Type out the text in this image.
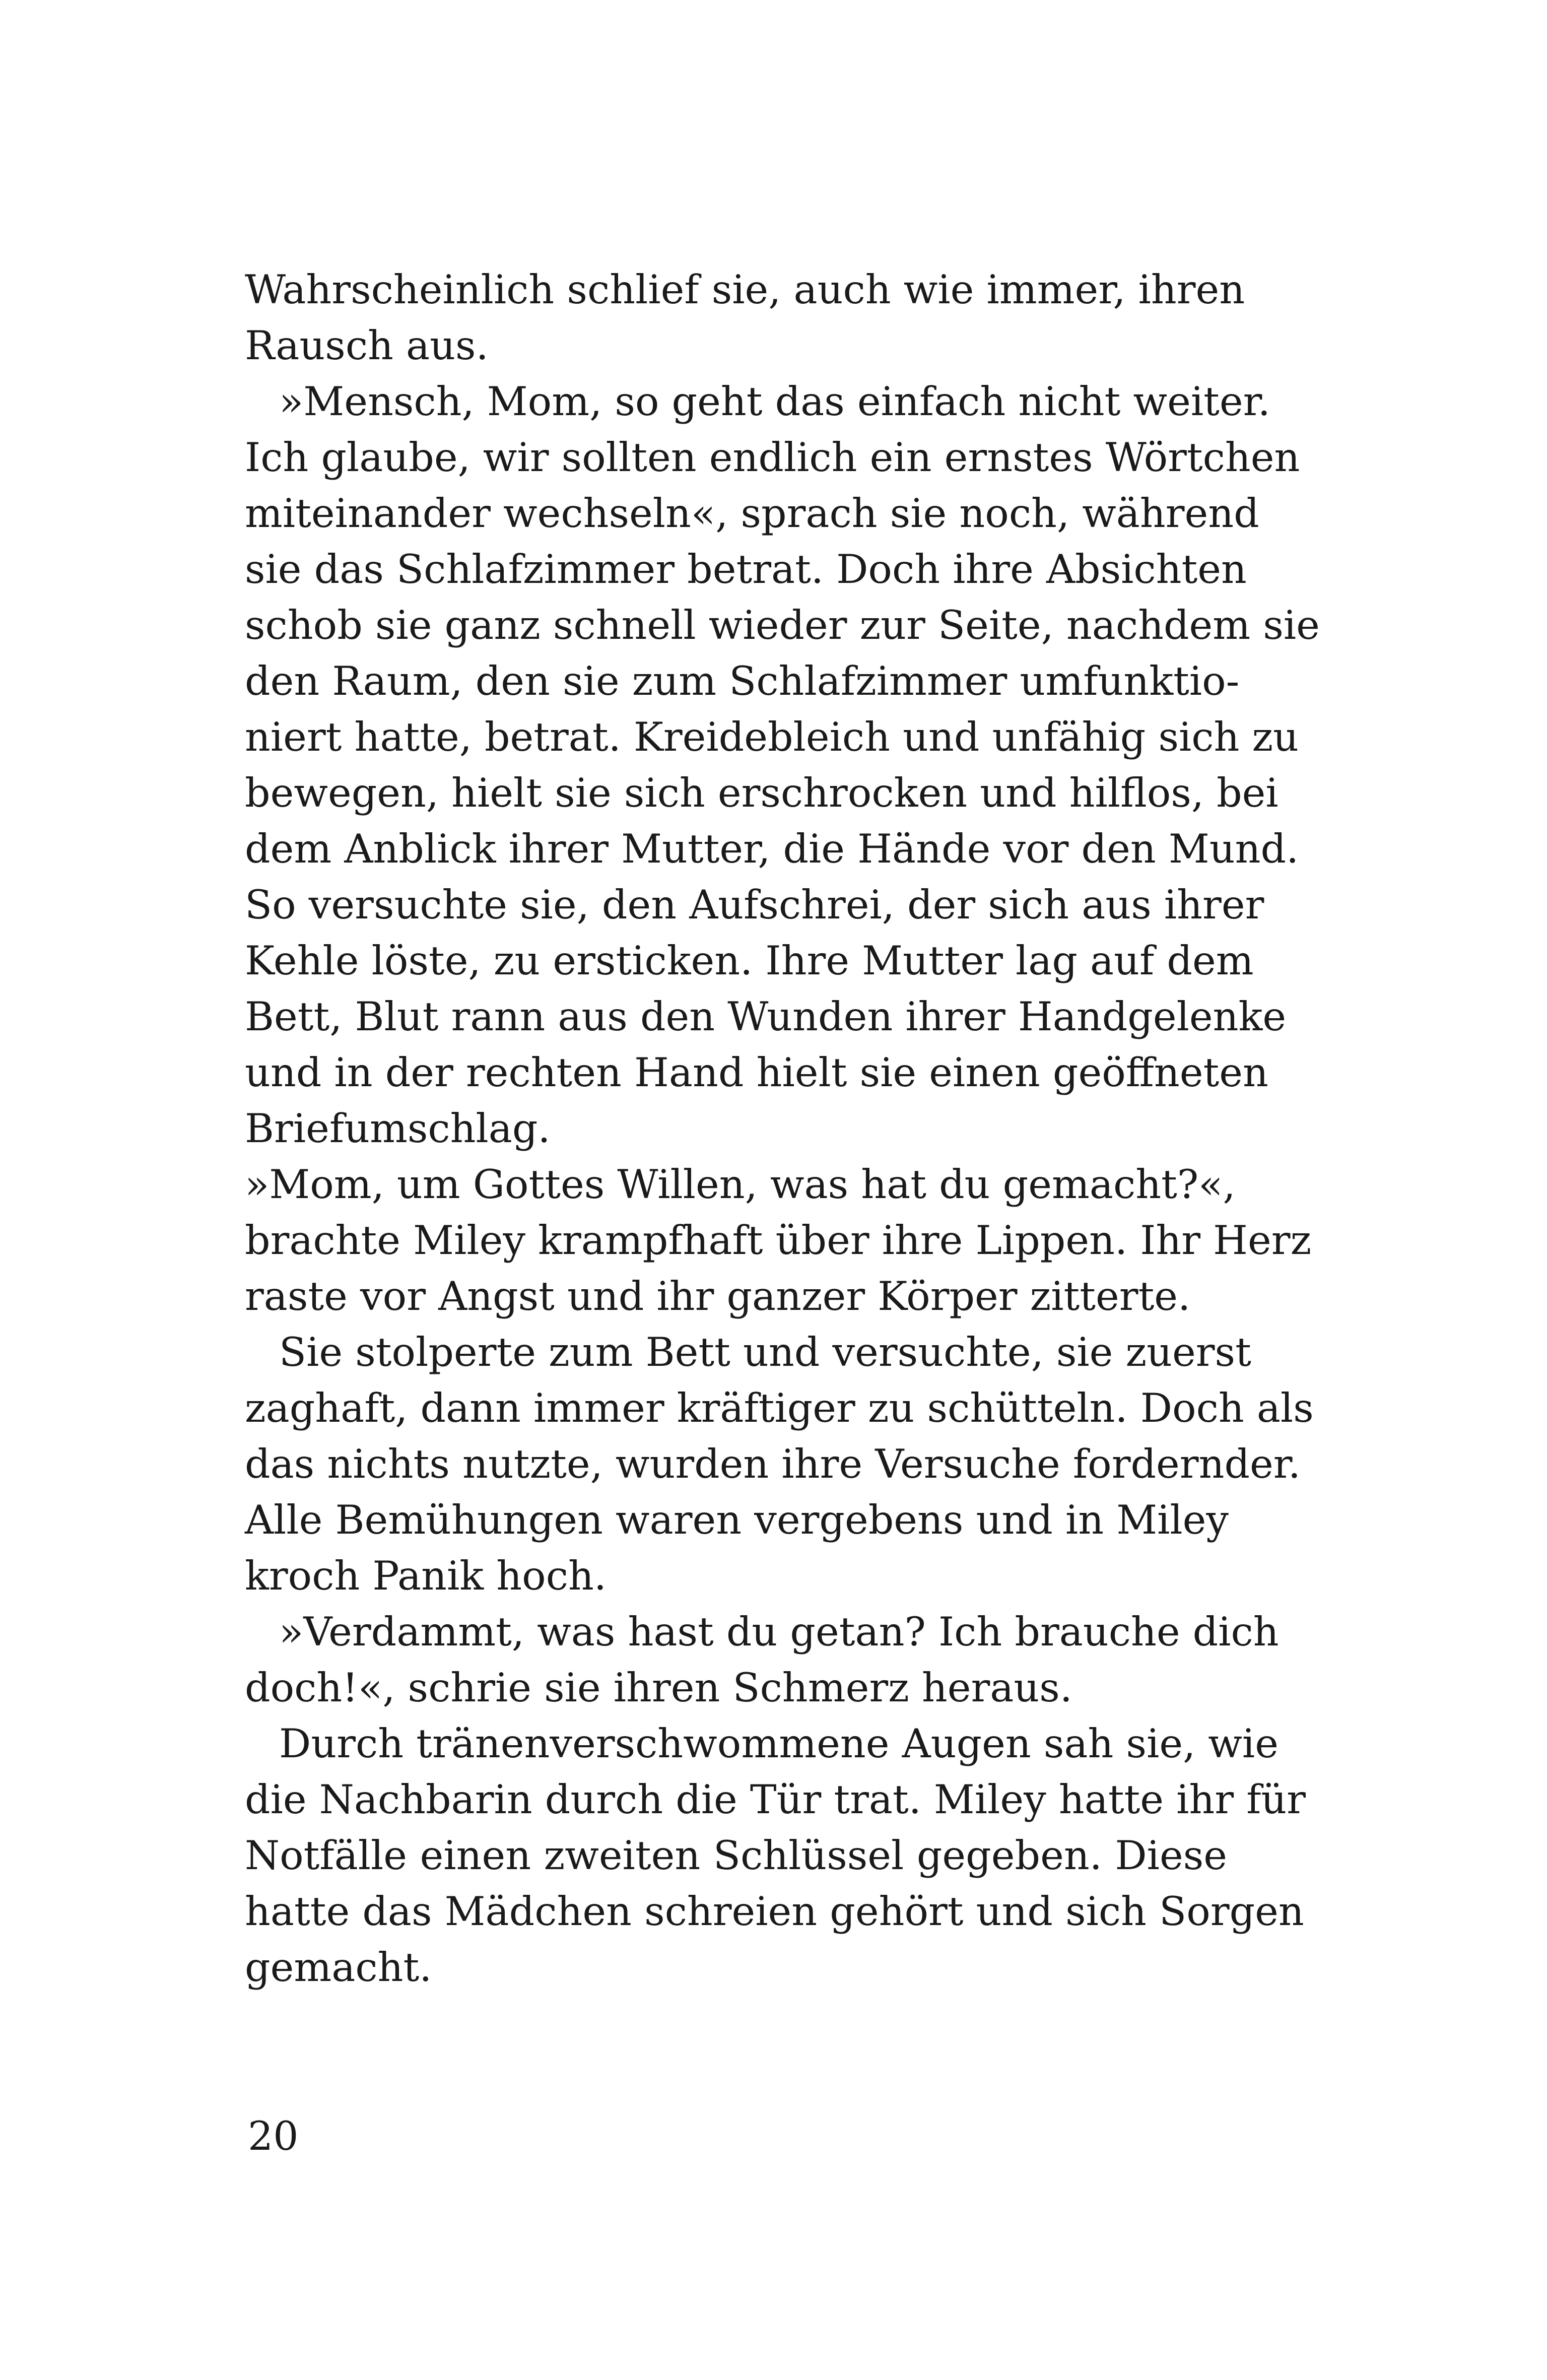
Wahrscheinlich schlief sie, auch wie immer, ihren
Rausch aus.
»Mensch, Mom, so geht das einfach nicht weiter.
Ich glaube, wir sollten endlich ein ernstes Wörtchen
miteinander wechseln«, sprach sie noch, während
sie das Schlafzimmer betrat. Doch ihre Absichten
schob sie ganz schnell wieder zur Seite, nachdem sie
den Raum, den sie zum Schlafzimmer umfunktio-
niert hatte, betrat. Kreidebleich und unfähig sich zu
bewegen, hielt sie sich erschrocken und hilflos, bei
dem Anblick ihrer Mutter, die Hände vor den Mund.
So versuchte sie, den Aufschrei, der sich aus ihrer
Kehle löste, zu ersticken. Ihre Mutter lag auf dem
Bett, Blut rann aus den Wunden ihrer Handgelenke
und in der rechten Hand hielt sie einen geöffneten
Briefumschlag.
»Mom, um Gottes Willen, was hat du gemacht?«,
brachte Miley krampfhaft über ihre Lippen. Ihr Herz
raste vor Angst und ihr ganzer Körper zitterte.
Sie stolperte zum Bett und versuchte, sie zuerst
zaghaft, dann immer kräftiger zu schütteln. Doch als
das nichts nutzte, wurden ihre Versuche fordernder.
Alle Bemühungen waren vergebens und in Miley
kroch Panik hoch.
»Verdammt, was hast du getan? Ich brauche dich
doch!«, schrie sie ihren Schmerz heraus.
Durch tränenverschwommene Augen sah sie, wie
die Nachbarin durch die Tür trat. Miley hatte ihr für
Notfälle einen zweiten Schlüssel gegeben. Diese
hatte das Mädchen schreien gehört und sich Sorgen
gemacht.
20
